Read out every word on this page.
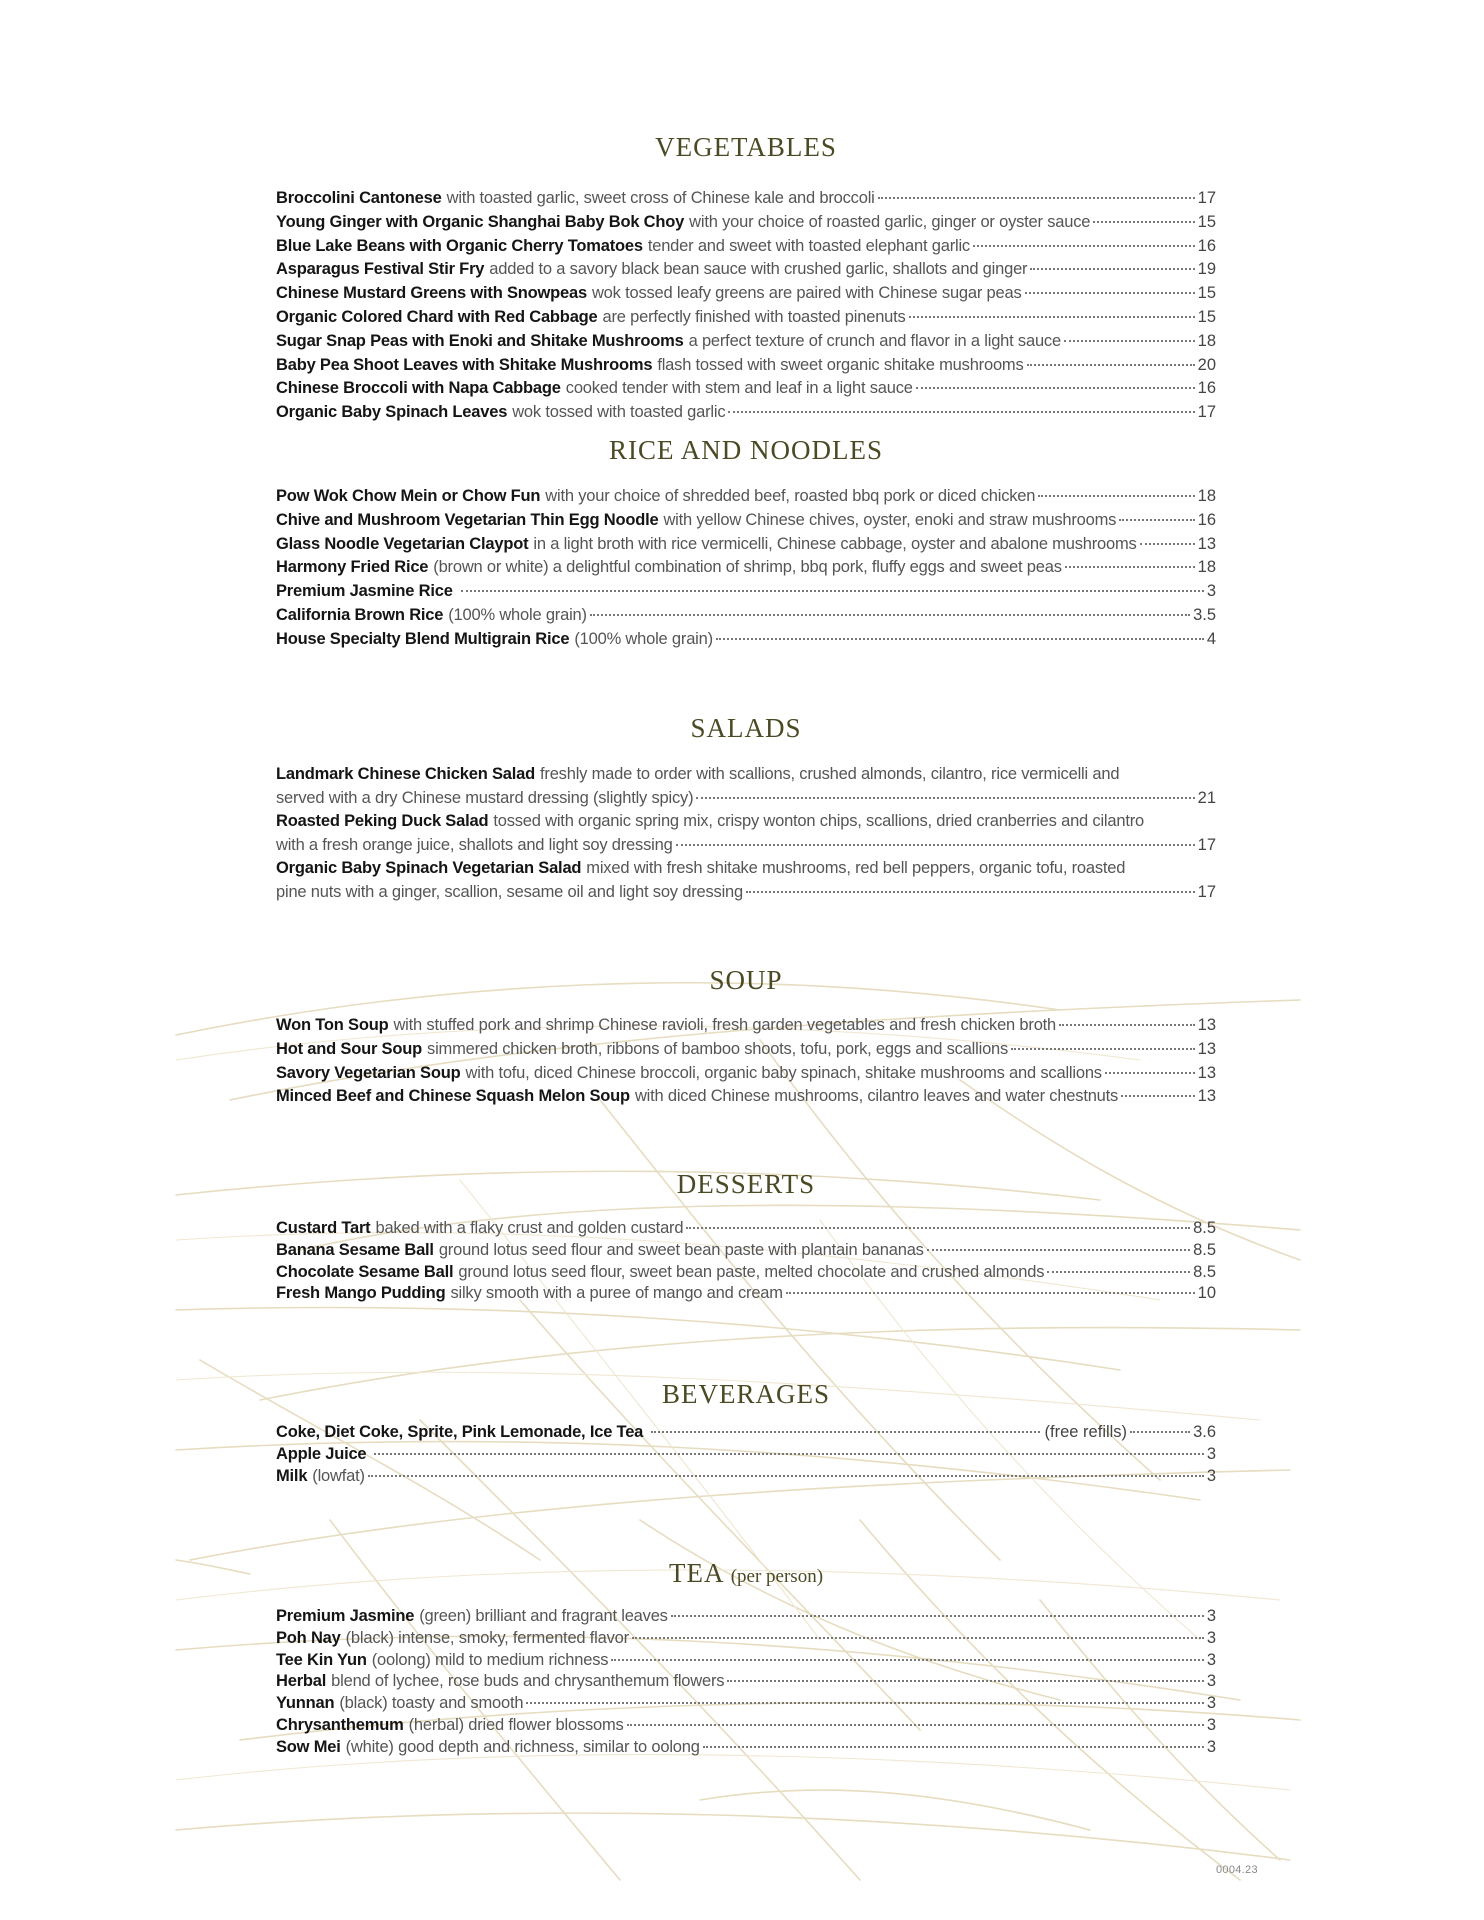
VEGETABLES
Broccolini Cantonese with toasted garlic, sweet cross of Chinese kale and broccoli	17
Young Ginger with Organic Shanghai Baby Bok Choy with your choice of roasted garlic, ginger or oyster sauce	15
Blue Lake Beans with Organic Cherry Tomatoes tender and sweet with toasted elephant garlic	16
Asparagus Festival Stir Fry added to a savory black bean sauce with crushed garlic, shallots and ginger	19
Chinese Mustard Greens with Snowpeas wok tossed leafy greens are paired with Chinese sugar peas	15
Organic Colored Chard with Red Cabbage are perfectly finished with toasted pinenuts	15
Sugar Snap Peas with Enoki and Shitake Mushrooms a perfect texture of crunch and flavor in a light sauce	18
Baby Pea Shoot Leaves with Shitake Mushrooms flash tossed with sweet organic shitake mushrooms	20
Chinese Broccoli with Napa Cabbage cooked tender with stem and leaf in a light sauce	16
Organic Baby Spinach Leaves wok tossed with toasted garlic	17
RICE AND NOODLES
Pow Wok Chow Mein or Chow Fun with your choice of shredded beef, roasted bbq pork or diced chicken	18
Chive and Mushroom Vegetarian Thin Egg Noodle with yellow Chinese chives, oyster, enoki and straw mushrooms	16
Glass Noodle Vegetarian Claypot in a light broth with rice vermicelli, Chinese cabbage, oyster and abalone mushrooms	13
Harmony Fried Rice (brown or white) a delightful combination of shrimp, bbq pork, fluffy eggs and sweet peas	18
Premium Jasmine Rice	3
California Brown Rice (100% whole grain)	3.5
House Specialty Blend Multigrain Rice (100% whole grain)	4
SALADS
Landmark Chinese Chicken Salad freshly made to order with scallions, crushed almonds, cilantro, rice vermicelli and
served with a dry Chinese mustard dressing (slightly spicy)	21
Roasted Peking Duck Salad tossed with organic spring mix, crispy wonton chips, scallions, dried cranberries and cilantro
with a fresh orange juice, shallots and light soy dressing	17
Organic Baby Spinach Vegetarian Salad mixed with fresh shitake mushrooms, red bell peppers, organic tofu, roasted
pine nuts with a ginger, scallion, sesame oil and light soy dressing	17
SOUP
Won Ton Soup with stuffed pork and shrimp Chinese ravioli, fresh garden vegetables and fresh chicken broth	13
Hot and Sour Soup simmered chicken broth, ribbons of bamboo shoots, tofu, pork, eggs and scallions	13
Savory Vegetarian Soup with tofu, diced Chinese broccoli, organic baby spinach, shitake mushrooms and scallions	13
Minced Beef and Chinese Squash Melon Soup with diced Chinese mushrooms, cilantro leaves and water chestnuts	13
DESSERTS
Custard Tart baked with a flaky crust and golden custard	8.5
Banana Sesame Ball ground lotus seed flour and sweet bean paste with plantain bananas	8.5
Chocolate Sesame Ball ground lotus seed flour, sweet bean paste, melted chocolate and crushed almonds	8.5
Fresh Mango Pudding silky smooth with a puree of mango and cream	10
BEVERAGES
Coke, Diet Coke, Sprite, Pink Lemonade, Ice Tea	(free refills)	3.6
Apple Juice	3
Milk (lowfat)	3
TEA (per person)
Premium Jasmine (green) brilliant and fragrant leaves	3
Poh Nay (black) intense, smoky, fermented flavor	3
Tee Kin Yun (oolong) mild to medium richness	3
Herbal blend of lychee, rose buds and chrysanthemum flowers	3
Yunnan (black) toasty and smooth	3
Chrysanthemum (herbal) dried flower blossoms	3
Sow Mei (white) good depth and richness, similar to oolong	3
0004.23
